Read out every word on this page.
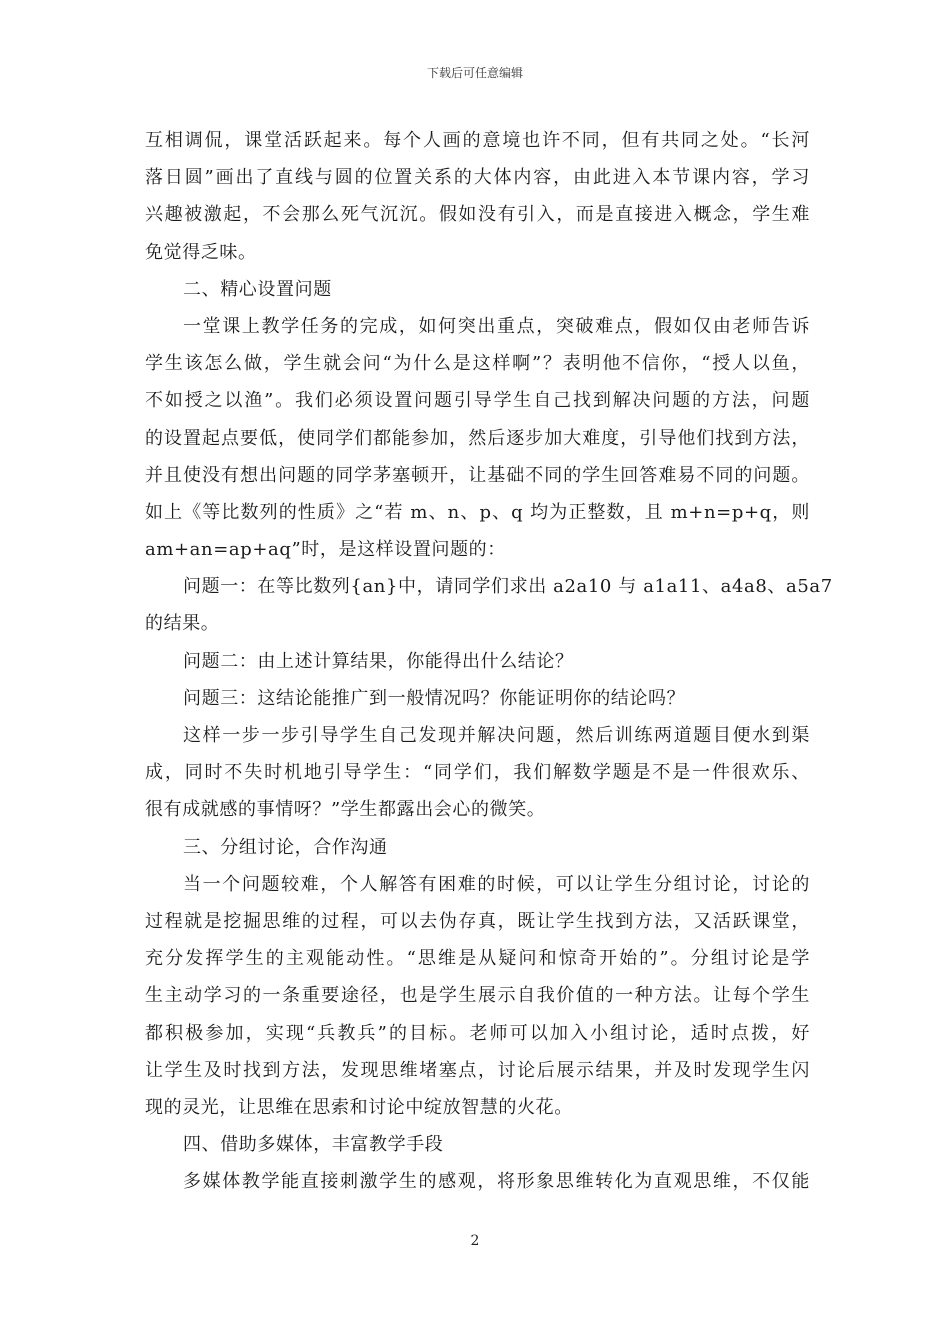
下载后可任意编辑
互相调侃，课堂活跃起来。每个人画的意境也许不同，但有共同之处。“长河
落日圆”画出了直线与圆的位置关系的大体内容，由此进入本节课内容，学习
兴趣被激起，不会那么死气沉沉。假如没有引入，而是直接进入概念，学生难
免觉得乏味。
二、精心设置问题
一堂课上教学任务的完成，如何突出重点，突破难点，假如仅由老师告诉
学生该怎么做，学生就会问“为什么是这样啊”？表明他不信你，“授人以鱼，
不如授之以渔”。我们必须设置问题引导学生自己找到解决问题的方法，问题
的设置起点要低，使同学们都能参加，然后逐步加大难度，引导他们找到方法，
并且使没有想出问题的同学茅塞顿开，让基础不同的学生回答难易不同的问题。
如上《等比数列的性质》之“若 m、n、p、q 均为正整数，且 m+n=p+q，则
am+an=ap+aq”时，是这样设置问题的：
问题一：在等比数列{an}中，请同学们求出 a2a10 与 a1a11、a4a8、a5a7
的结果。
问题二：由上述计算结果，你能得出什么结论？
问题三：这结论能推广到一般情况吗？你能证明你的结论吗？
这样一步一步引导学生自己发现并解决问题，然后训练两道题目便水到渠
成，同时不失时机地引导学生：“同学们，我们解数学题是不是一件很欢乐、
很有成就感的事情呀？”学生都露出会心的微笑。
三、分组讨论，合作沟通
当一个问题较难，个人解答有困难的时候，可以让学生分组讨论，讨论的
过程就是挖掘思维的过程，可以去伪存真，既让学生找到方法，又活跃课堂，
充分发挥学生的主观能动性。“思维是从疑问和惊奇开始的”。分组讨论是学
生主动学习的一条重要途径，也是学生展示自我价值的一种方法。让每个学生
都积极参加，实现“兵教兵”的目标。老师可以加入小组讨论，适时点拨，好
让学生及时找到方法，发现思维堵塞点，讨论后展示结果，并及时发现学生闪
现的灵光，让思维在思索和讨论中绽放智慧的火花。
四、借助多媒体，丰富教学手段
多媒体教学能直接刺激学生的感观，将形象思维转化为直观思维，不仅能
2
